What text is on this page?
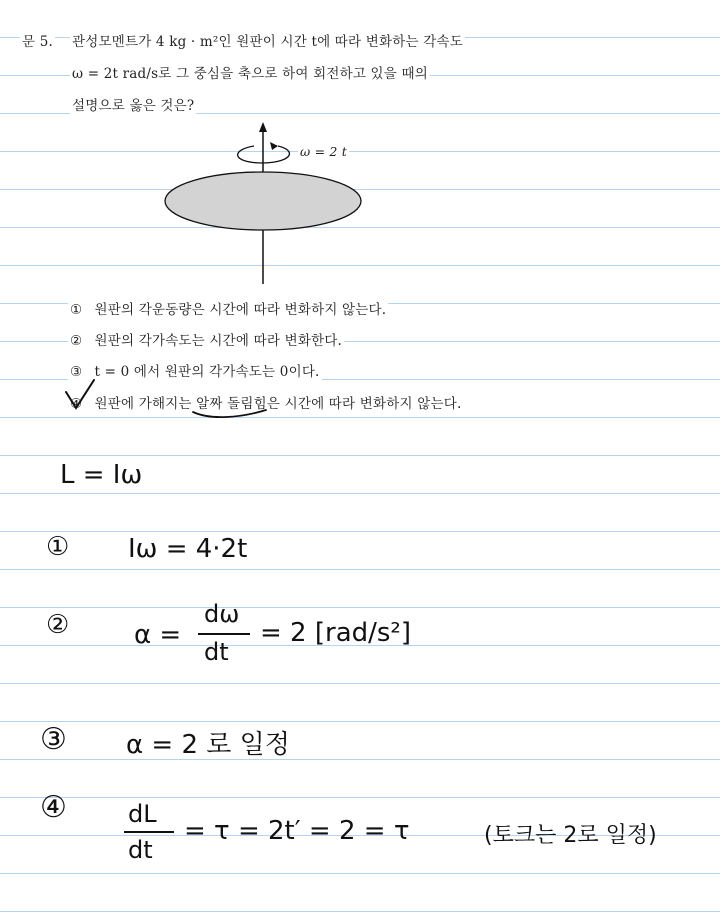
문 5. 관성모멘트가 4 kg · m²인 원판이 시간 t에 따라 변화하는 각속도
ω = 2t rad/s로 그 중심을 축으로 하여 회전하고 있을 때의
설명으로 옳은 것은?
ω = 2 t
① 원판의 각운동량은 시간에 따라 변화하지 않는다.
② 원판의 각가속도는 시간에 따라 변화한다.
③ t = 0 에서 원판의 각가속도는 0이다.
④ 원판에 가해지는 알짜 돌림힘은 시간에 따라 변화하지 않는다.
L = Iω
① Iω = 4·2t
② α =
dω
dt
= 2 [rad/s²]
③ α = 2 로 일정
④	dL
dt
= τ = 2t′ = 2 = τ	(토크는 2로 일정)
